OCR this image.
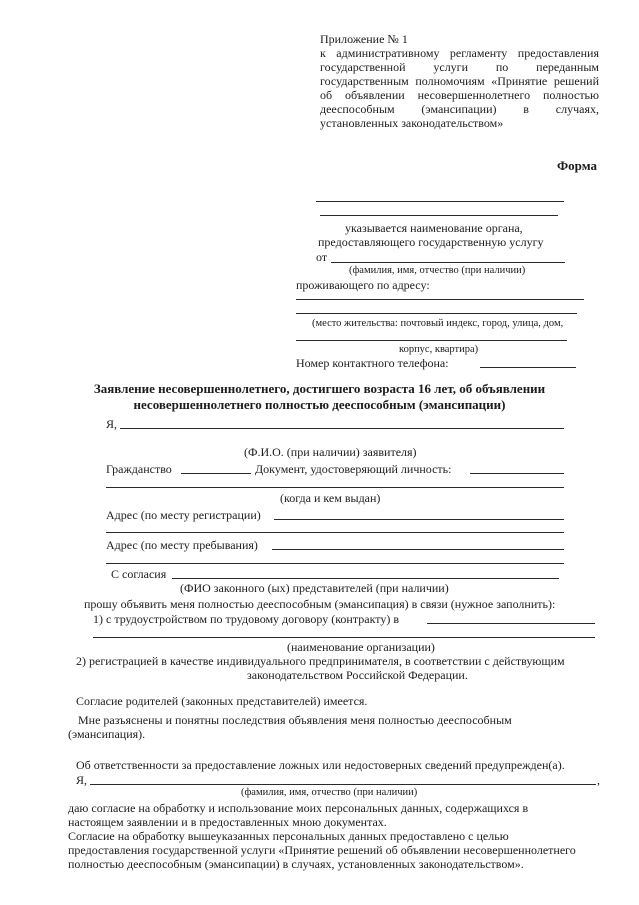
Приложение № 1
к административному регламенту предоставления
государственной услуги по переданным
государственным полномочиям «Принятие решений
об объявлении несовершеннолетнего полностью
дееспособным (эмансипации) в случаях,
установленных законодательством»
Форма
указывается наименование органа,
предоставляющего государственную услугу
от
(фамилия, имя, отчество (при наличии)
проживающего по адресу:
(место жительства: почтовый индекс, город, улица, дом,
корпус, квартира)
Номер контактного телефона:
Заявление несовершеннолетнего, достигшего возраста 16 лет, об объявлении
несовершеннолетнего полностью дееспособным (эмансипации)
Я,
(Ф.И.О. (при наличии) заявителя)
Гражданство	Документ, удостоверяющий личность:
(когда и кем выдан)
Адрес (по месту регистрации)
Адрес (по месту пребывания)
С согласия
(ФИО законного (ых) представителей (при наличии)
прошу объявить меня полностью дееспособным (эмансипация) в связи (нужное заполнить):
1) с трудоустройством по трудовому договору (контракту) в
(наименование организации)
2) регистрацией в качестве индивидуального предпринимателя, в соответствии с действующим
законодательством Российской Федерации.
Согласие родителей (законных представителей) имеется.
Мне разъяснены и понятны последствия объявления меня полностью дееспособным
(эмансипация).
Об ответственности за предоставление ложных или недостоверных сведений предупрежден(а).
Я,	,
(фамилия, имя, отчество (при наличии)
даю согласие на обработку и использование моих персональных данных, содержащихся в
настоящем заявлении и в предоставленных мною документах.
Согласие на обработку вышеуказанных персональных данных предоставлено с целью
предоставления государственной услуги «Принятие решений об объявлении несовершеннолетнего
полностью дееспособным (эмансипации) в случаях, установленных законодательством».
